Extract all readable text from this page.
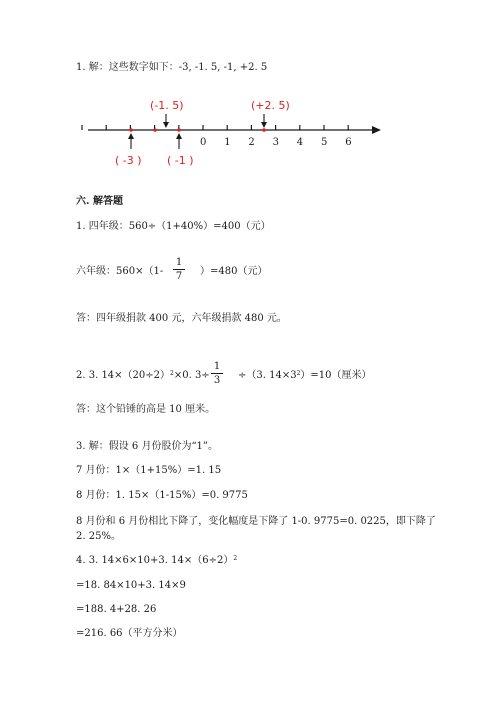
1. 解：这些数字如下：-3, -1. 5, -1, +2. 5
0 1 2 3 4 5 6
(-1. 5)	(+2. 5)
( -3 ) ( -1 )
六. 解答题
1. 四年级：560÷（1+40%）=400（元）
六年级：560×（1-
1
7	）=480（元）
答：四年级捐款 400 元，六年级捐款 480 元。
2. 3. $14\times(20\div 2)^2\times 0$. 3÷
1
3	÷（3. $14\times 3^2)=10$（厘米）
答：这个铅锤的高是 10 厘米。
3. 解：假设 6 月份股价为“1”。
7 月份：1×（1+15%）=1. 15
8 月份：1. 15×（1-15%）=0. 9775
8 月份和 6 月份相比下降了，变化幅度是下降了 1-0. 9775=0. 0225，即下降了
2. 25%。
4. 3. 14×6×10+3. $14\times(6\div 2)^2$
=18. 84×10+3. 14×9
=188. 4+28. 26
=216. 66（平方分米）
